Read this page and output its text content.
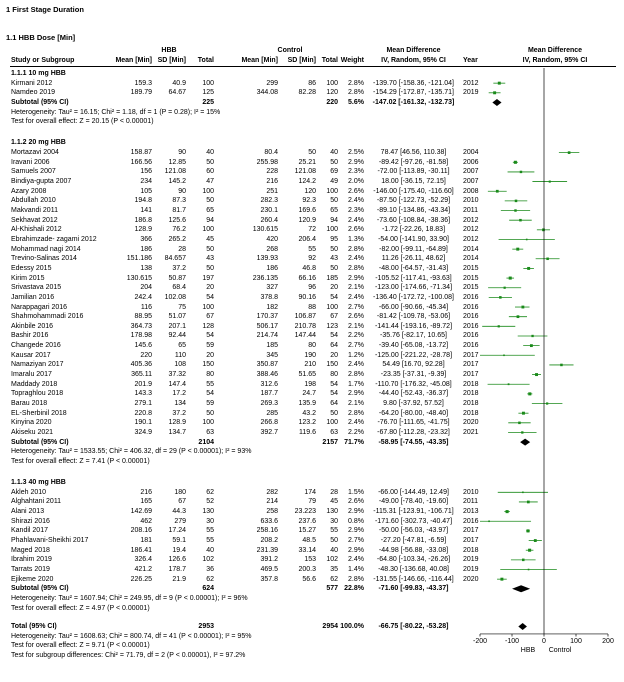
1 First Stage Duration
1.1 HBB Dose [Min]
HBB	Control	Mean Difference	Mean Difference
Study or Subgroup	Mean [Min] SD [Min]	Total	Mean [Min]	SD [Min] Total Weight	IV, Random, 95% CI	Year	IV, Random, 95% CI
1.1.1 10 mg HBB
Kirmani 2012	159.3	40.9	100	299	86	100	2.8%	-139.70 [-158.36, -121.04]	2012
Namdeo 2019	189.79	64.67	125	344.08	82.28	120	2.8%	-154.29 [-172.87, -135.71]	2019
Subtotal (95% CI)	225	220	5.6%	-147.02 [-161.32, -132.73]
Heterogeneity: Tau² = 16.15; Chi² = 1.18, df = 1 (P = 0.28); I² = 15%
Test for overall effect: Z = 20.15 (P < 0.00001)
1.1.2 20 mg HBB
Mortazavi 2004	158.87	90	40	80.4	50	40	2.5%	78.47 [46.56, 110.38]	2004
Iravani 2006	166.56	12.85	50	255.98	25.21	50	2.9%	-89.42 [-97.26, -81.58]	2006
Samuels 2007	156	121.08	60	228	121.08	69	2.3%	-72.00 [-113.89, -30.11]	2007
Bindiya-gupta 2007	234	145.2	47	216	124.2	49	2.0%	18.00 [-36.15, 72.15]	2007
Azary 2008	105	90	100	251	120	100	2.6%	-146.00 [-175.40, -116.60]	2008
Abdullah 2010	194.8	87.3	50	282.3	92.3	50	2.4%	-87.50 [-122.73, -52.29]	2010
Makvandi 2011	141	81.7	65	230.1	169.6	65	2.3%	-89.10 [-134.86, -43.34]	2011
Sekhavat 2012	186.8	125.6	94	260.4	120.9	94	2.4%	-73.60 [-108.84, -38.36]	2012
Al-Khishali 2012	128.9	76.2	100	130.615	72	100	2.6%	-1.72 [-22.26, 18.83]	2012
Ebrahimzade- zagami 2012	366	265.2	45	420	206.4	95	1.3%	-54.00 [-141.90, 33.90]	2012
Mohammad nagi 2014	186	28	50	268	55	50	2.8%	-82.00 [-99.11, -64.89]	2014
Trevino-Salinas 2014	151.186	84.657	43	139.93	92	43	2.4%	11.26 [-26.11, 48.62]	2014
Edessy 2015	138	37.2	50	186	46.8	50	2.8%	-48.00 [-64.57, -31.43]	2015
Kirim 2015	130.615	50.87	197	236.135	66.16	185	2.9%	-105.52 [-117.41, -93.63]	2015
Srivastava 2015	204	68.4	20	327	96	20	2.1%	-123.00 [-174.66, -71.34]	2015
Jamilian 2016	242.4	102.08	54	378.8	90.16	54	2.4%	-136.40 [-172.72, -100.08]	2016
Narappagari 2016	116	75	100	182	88	100	2.7%	-66.00 [-90.66, -45.34]	2016
Shahmohammadi 2016	88.95	51.07	67	170.37	106.87	67	2.6%	-81.42 [-109.78, -53.06]	2016
Akinbile 2016	364.73	207.1	128	506.17	210.78	123	2.1%	-141.44 [-193.16, -89.72]	2016
Bashir 2016	178.98	92.44	54	214.74	147.44	54	2.2%	-35.76 [-82.17, 10.65]	2016
Changede 2016	145.6	65	59	185	80	64	2.7%	-39.40 [-65.08, -13.72]	2016
Kausar 2017	220	110	20	345	190	20	1.2%	-125.00 [-221.22, -28.78]	2017
Namaziyan 2017	405.36	108	150	350.87	210	150	2.4%	54.49 [16.70, 92.28]	2017
Imaralu 2017	365.11	37.32	80	388.46	51.65	80	2.8%	-23.35 [-37.31, -9.39]	2017
Maddady 2018	201.9	147.4	55	312.6	198	54	1.7%	-110.70 [-176.32, -45.08]	2018
Topraghlou 2018	143.3	17.2	54	187.7	24.7	54	2.9%	-44.40 [-52.43, -36.37]	2018
Barau 2018	279.1	134	59	269.3	135.9	64	2.1%	9.80 [-37.92, 57.52]	2018
EL-Sherbinil 2018	220.8	37.2	50	285	43.2	50	2.8%	-64.20 [-80.00, -48.40]	2018
Kinyina 2020	190.1	128.9	100	266.8	123.2	100	2.4%	-76.70 [-111.65, -41.75]	2020
Akiseku 2021	324.9	134.7	63	392.7	119.6	63	2.2%	-67.80 [-112.28, -23.32]	2021
Subtotal (95% CI)	2104	2157 71.7%	-58.95 [-74.55, -43.35]
Heterogeneity: Tau² = 1533.55; Chi² = 406.32, df = 29 (P < 0.00001); I² = 93%
Test for overall effect: Z = 7.41 (P < 0.00001)
1.1.3 40 mg HBB
Akleh 2010	216	180	62	282	174	28	1.5%	-66.00 [-144.49, 12.49]	2010
Alghahtani 2011	165	67	52	214	79	45	2.6%	-49.00 [-78.40, -19.60]	2011
Alani 2013	142.69	44.3	130	258	23.223	130	2.9%	-115.31 [-123.91, -106.71]	2013
Shirazi 2016	462	279	30	633.6	237.6	30	0.8%	-171.60 [-302.73, -40.47]	2016
Kandil 2017	208.16	17.24	55	258.16	15.27	55	2.9%	-50.00 [-56.03, -43.97]	2017
Phahlavani-Sheikhi 2017	181	59.1	55	208.2	48.5	50	2.7%	-27.20 [-47.81, -6.59]	2017
Maged 2018	186.41	19.4	40	231.39	33.14	40	2.9%	-44.98 [-56.88, -33.08]	2018
Ibrahim 2019	326.4	126.6	102	391.2	153	102	2.4%	-64.80 [-103.34, -26.26]	2019
Tarrats 2019	421.2	178.7	36	469.5	200.3	35	1.4%	-48.30 [-136.68, 40.08]	2019
Ejikeme 2020	226.25	21.9	62	357.8	56.6	62	2.8%	-131.55 [-146.66, -116.44]	2020
Subtotal (95% CI)	624	577 22.8%	-71.60 [-99.83, -43.37]
Heterogeneity: Tau² = 1607.94; Chi² = 249.95, df = 9 (P < 0.00001); I² = 96%
Test for overall effect: Z = 4.97 (P < 0.00001)
Total (95% CI)	2953	2954 100.0%	-66.75 [-80.22, -53.28]
Heterogeneity: Tau² = 1608.63; Chi² = 800.74, df = 41 (P < 0.00001); I² = 95%
Test for overall effect: Z = 9.71 (P < 0.00001)
Test for subgroup differences: Chi² = 71.79, df = 2 (P < 0.00001), I² = 97.2%
-200	-100	0	100	200
HBB	Control
